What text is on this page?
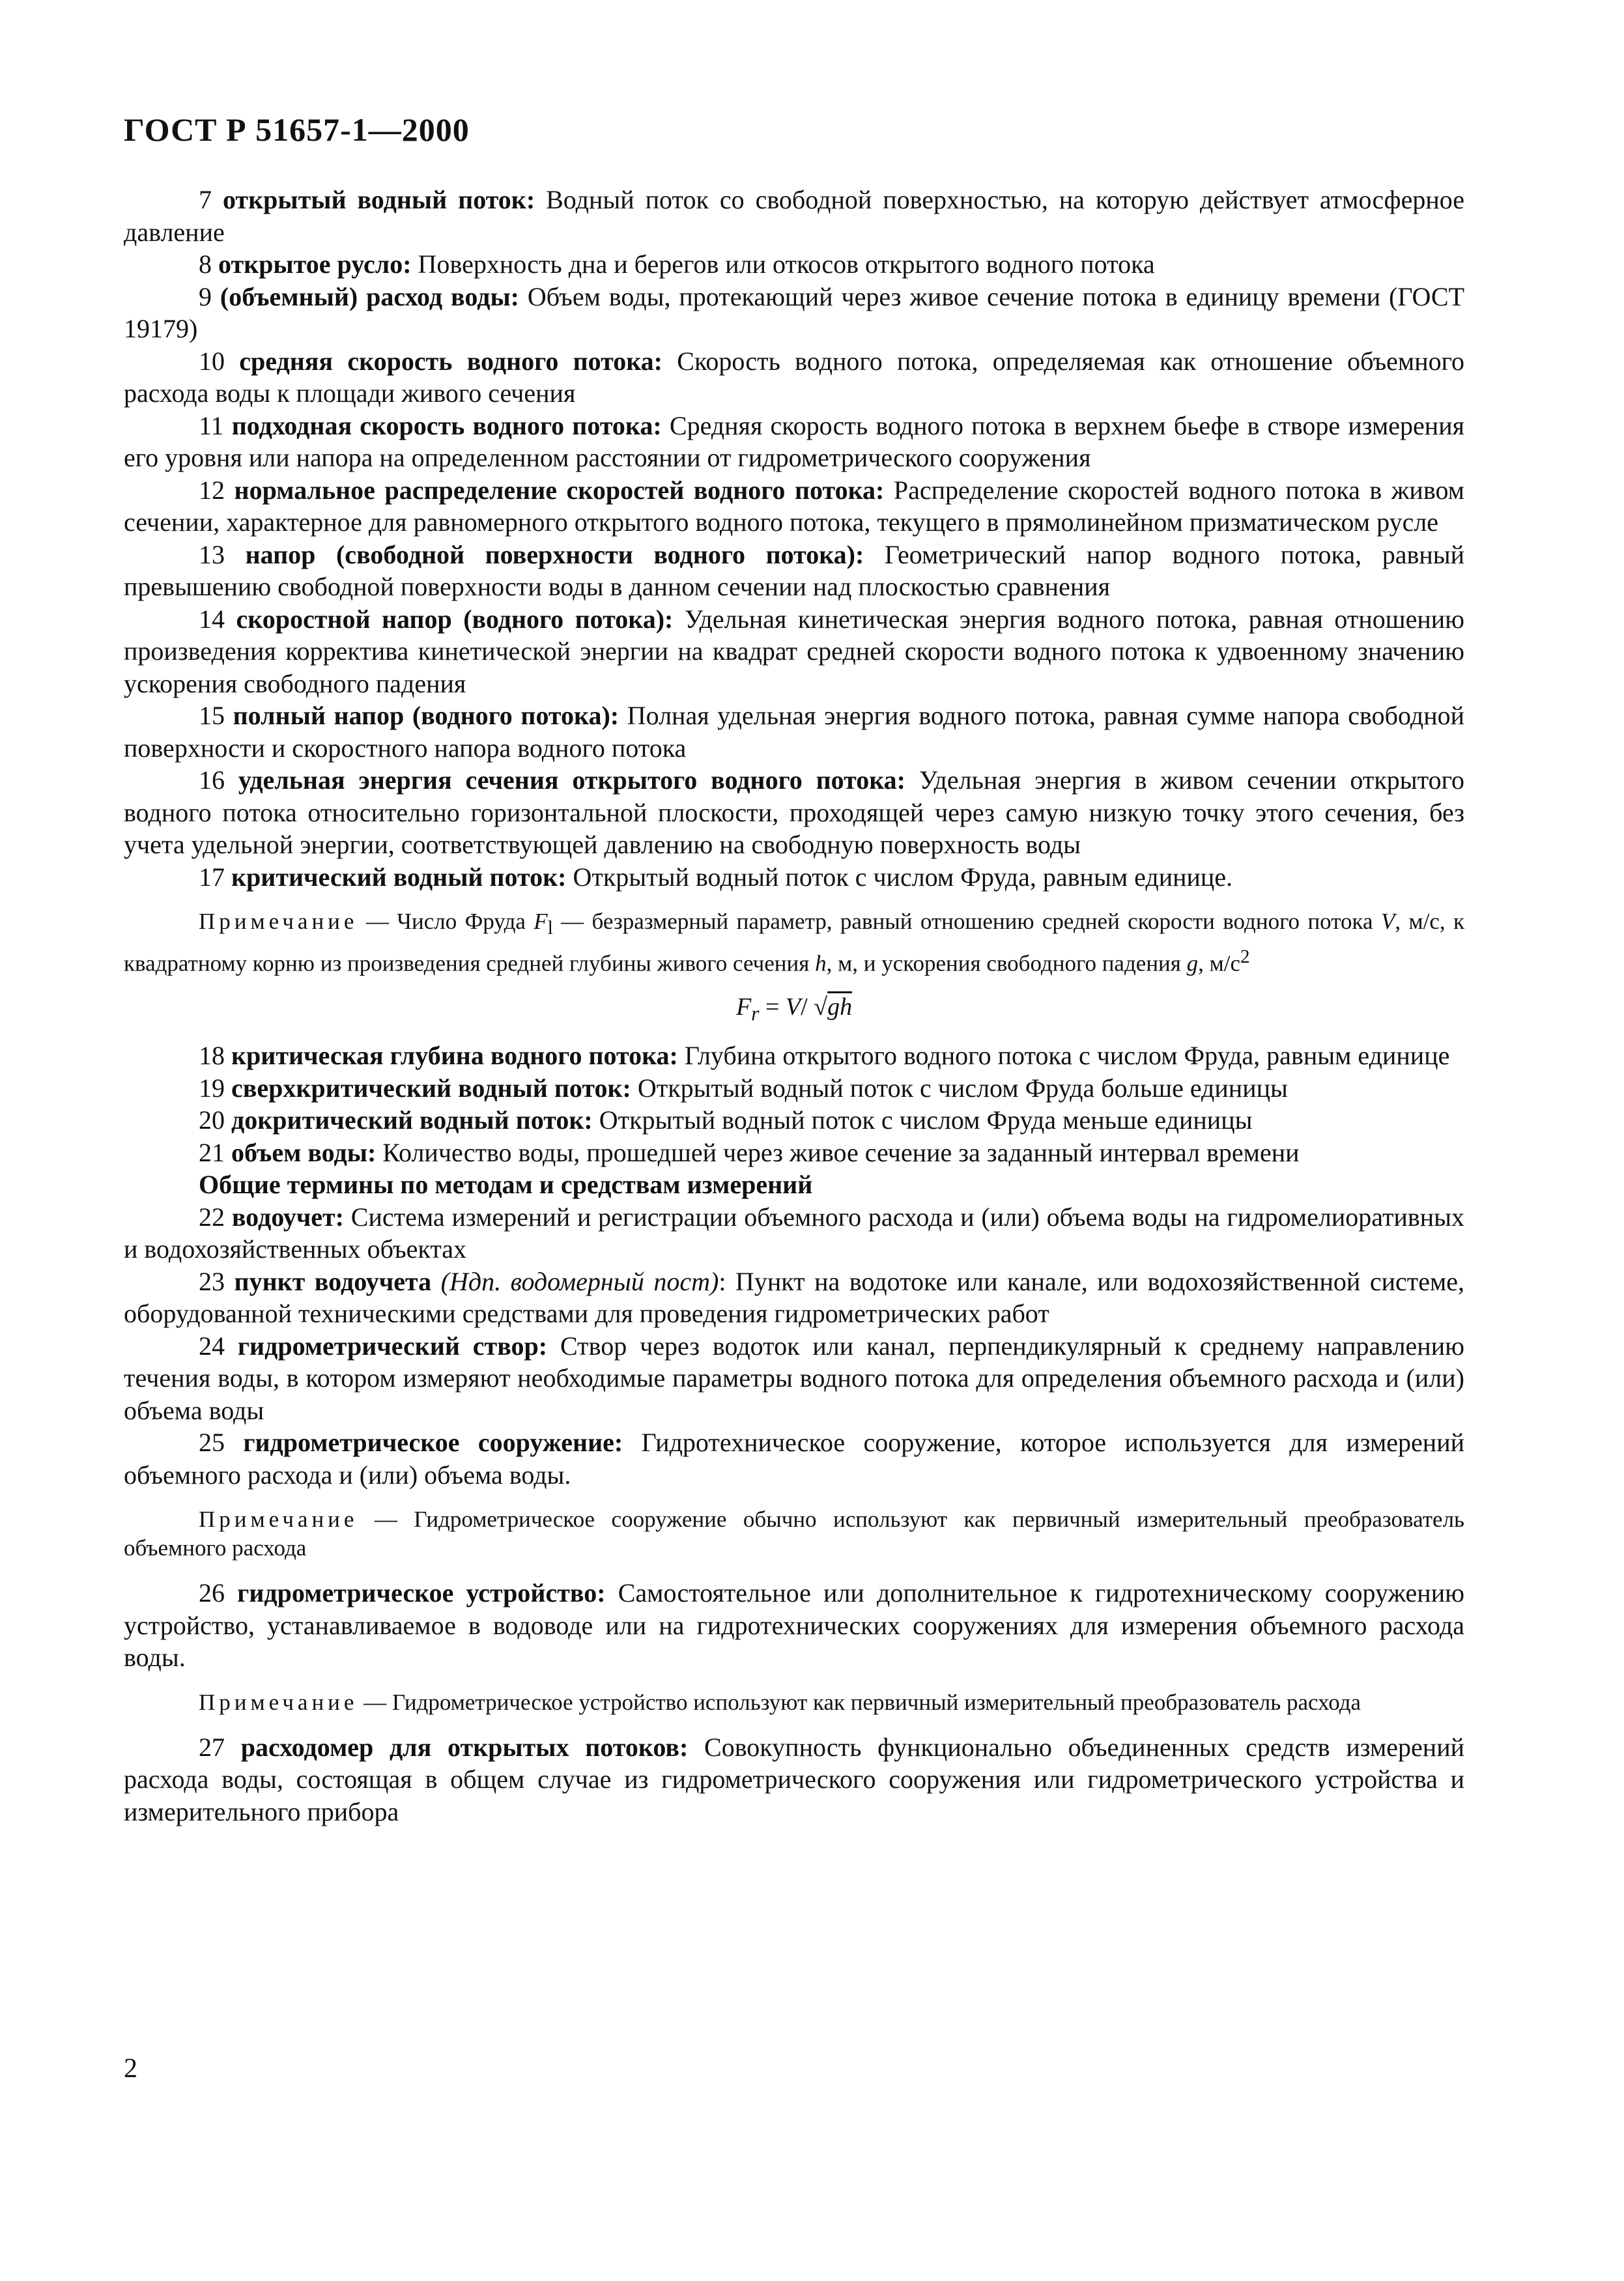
ГОСТ Р 51657-1—2000

7 открытый водный поток: Водный поток со свободной поверхностью, на которую действует атмосферное давление

8 открытое русло: Поверхность дна и берегов или откосов открытого водного потока

9 (объемный) расход воды: Объем воды, протекающий через живое сечение потока в единицу времени (ГОСТ 19179)

10 средняя скорость водного потока: Скорость водного потока, определяемая как отношение объемного расхода воды к площади живого сечения

11 подходная скорость водного потока: Средняя скорость водного потока в верхнем бьефе в створе измерения его уровня или напора на определенном расстоянии от гидрометрического сооружения

12 нормальное распределение скоростей водного потока: Распределение скоростей водного потока в живом сечении, характерное для равномерного открытого водного потока, текущего в прямолинейном призматическом русле

13 напор (свободной поверхности водного потока): Геометрический напор водного потока, равный превышению свободной поверхности воды в данном сечении над плоскостью сравнения

14 скоростной напор (водного потока): Удельная кинетическая энергия водного потока, равная отношению произведения корректива кинетической энергии на квадрат средней скорости водного потока к удвоенному значению ускорения свободного падения

15 полный напор (водного потока): Полная удельная энергия водного потока, равная сумме напора свободной поверхности и скоростного напора водного потока

16 удельная энергия сечения открытого водного потока: Удельная энергия в живом сечении открытого водного потока относительно горизонтальной плоскости, проходящей через самую низкую точку этого сечения, без учета удельной энергии, соответствующей давлению на свободную поверхность воды

17 критический водный поток: Открытый водный поток с числом Фруда, равным единице.

Примечание — Число Фруда $F_l$ — безразмерный параметр, равный отношению средней скорости водного потока V, м/с, к квадратному корню из произведения средней глубины живого сечения h, м, и ускорения свободного падения g, $м/с^2$

$F_r = V/$ √gh

18 критическая глубина водного потока: Глубина открытого водного потока с числом Фруда, равным единице

19 сверхкритический водный поток: Открытый водный поток с числом Фруда больше единицы

20 докритический водный поток: Открытый водный поток с числом Фруда меньше единицы

21 объем воды: Количество воды, прошедшей через живое сечение за заданный интервал времени

Общие термины по методам и средствам измерений

22 водоучет: Система измерений и регистрации объемного расхода и (или) объема воды на гидромелиоративных и водохозяйственных объектах

23 пункт водоучета (Ндп. водомерный пост): Пункт на водотоке или канале, или водохозяйственной системе, оборудованной техническими средствами для проведения гидрометрических работ

24 гидрометрический створ: Створ через водоток или канал, перпендикулярный к среднему направлению течения воды, в котором измеряют необходимые параметры водного потока для определения объемного расхода и (или) объема воды

25 гидрометрическое сооружение: Гидротехническое сооружение, которое используется для измерений объемного расхода и (или) объема воды.

Примечание — Гидрометрическое сооружение обычно используют как первичный измерительный преобразователь объемного расхода

26 гидрометрическое устройство: Самостоятельное или дополнительное к гидротехническому сооружению устройство, устанавливаемое в водоводе или на гидротехнических сооружениях для измерения объемного расхода воды.

Примечание — Гидрометрическое устройство используют как первичный измерительный преобразователь расхода

27 расходомер для открытых потоков: Совокупность функционально объединенных средств измерений расхода воды, состоящая в общем случае из гидрометрического сооружения или гидрометрического устройства и измерительного прибора

2
